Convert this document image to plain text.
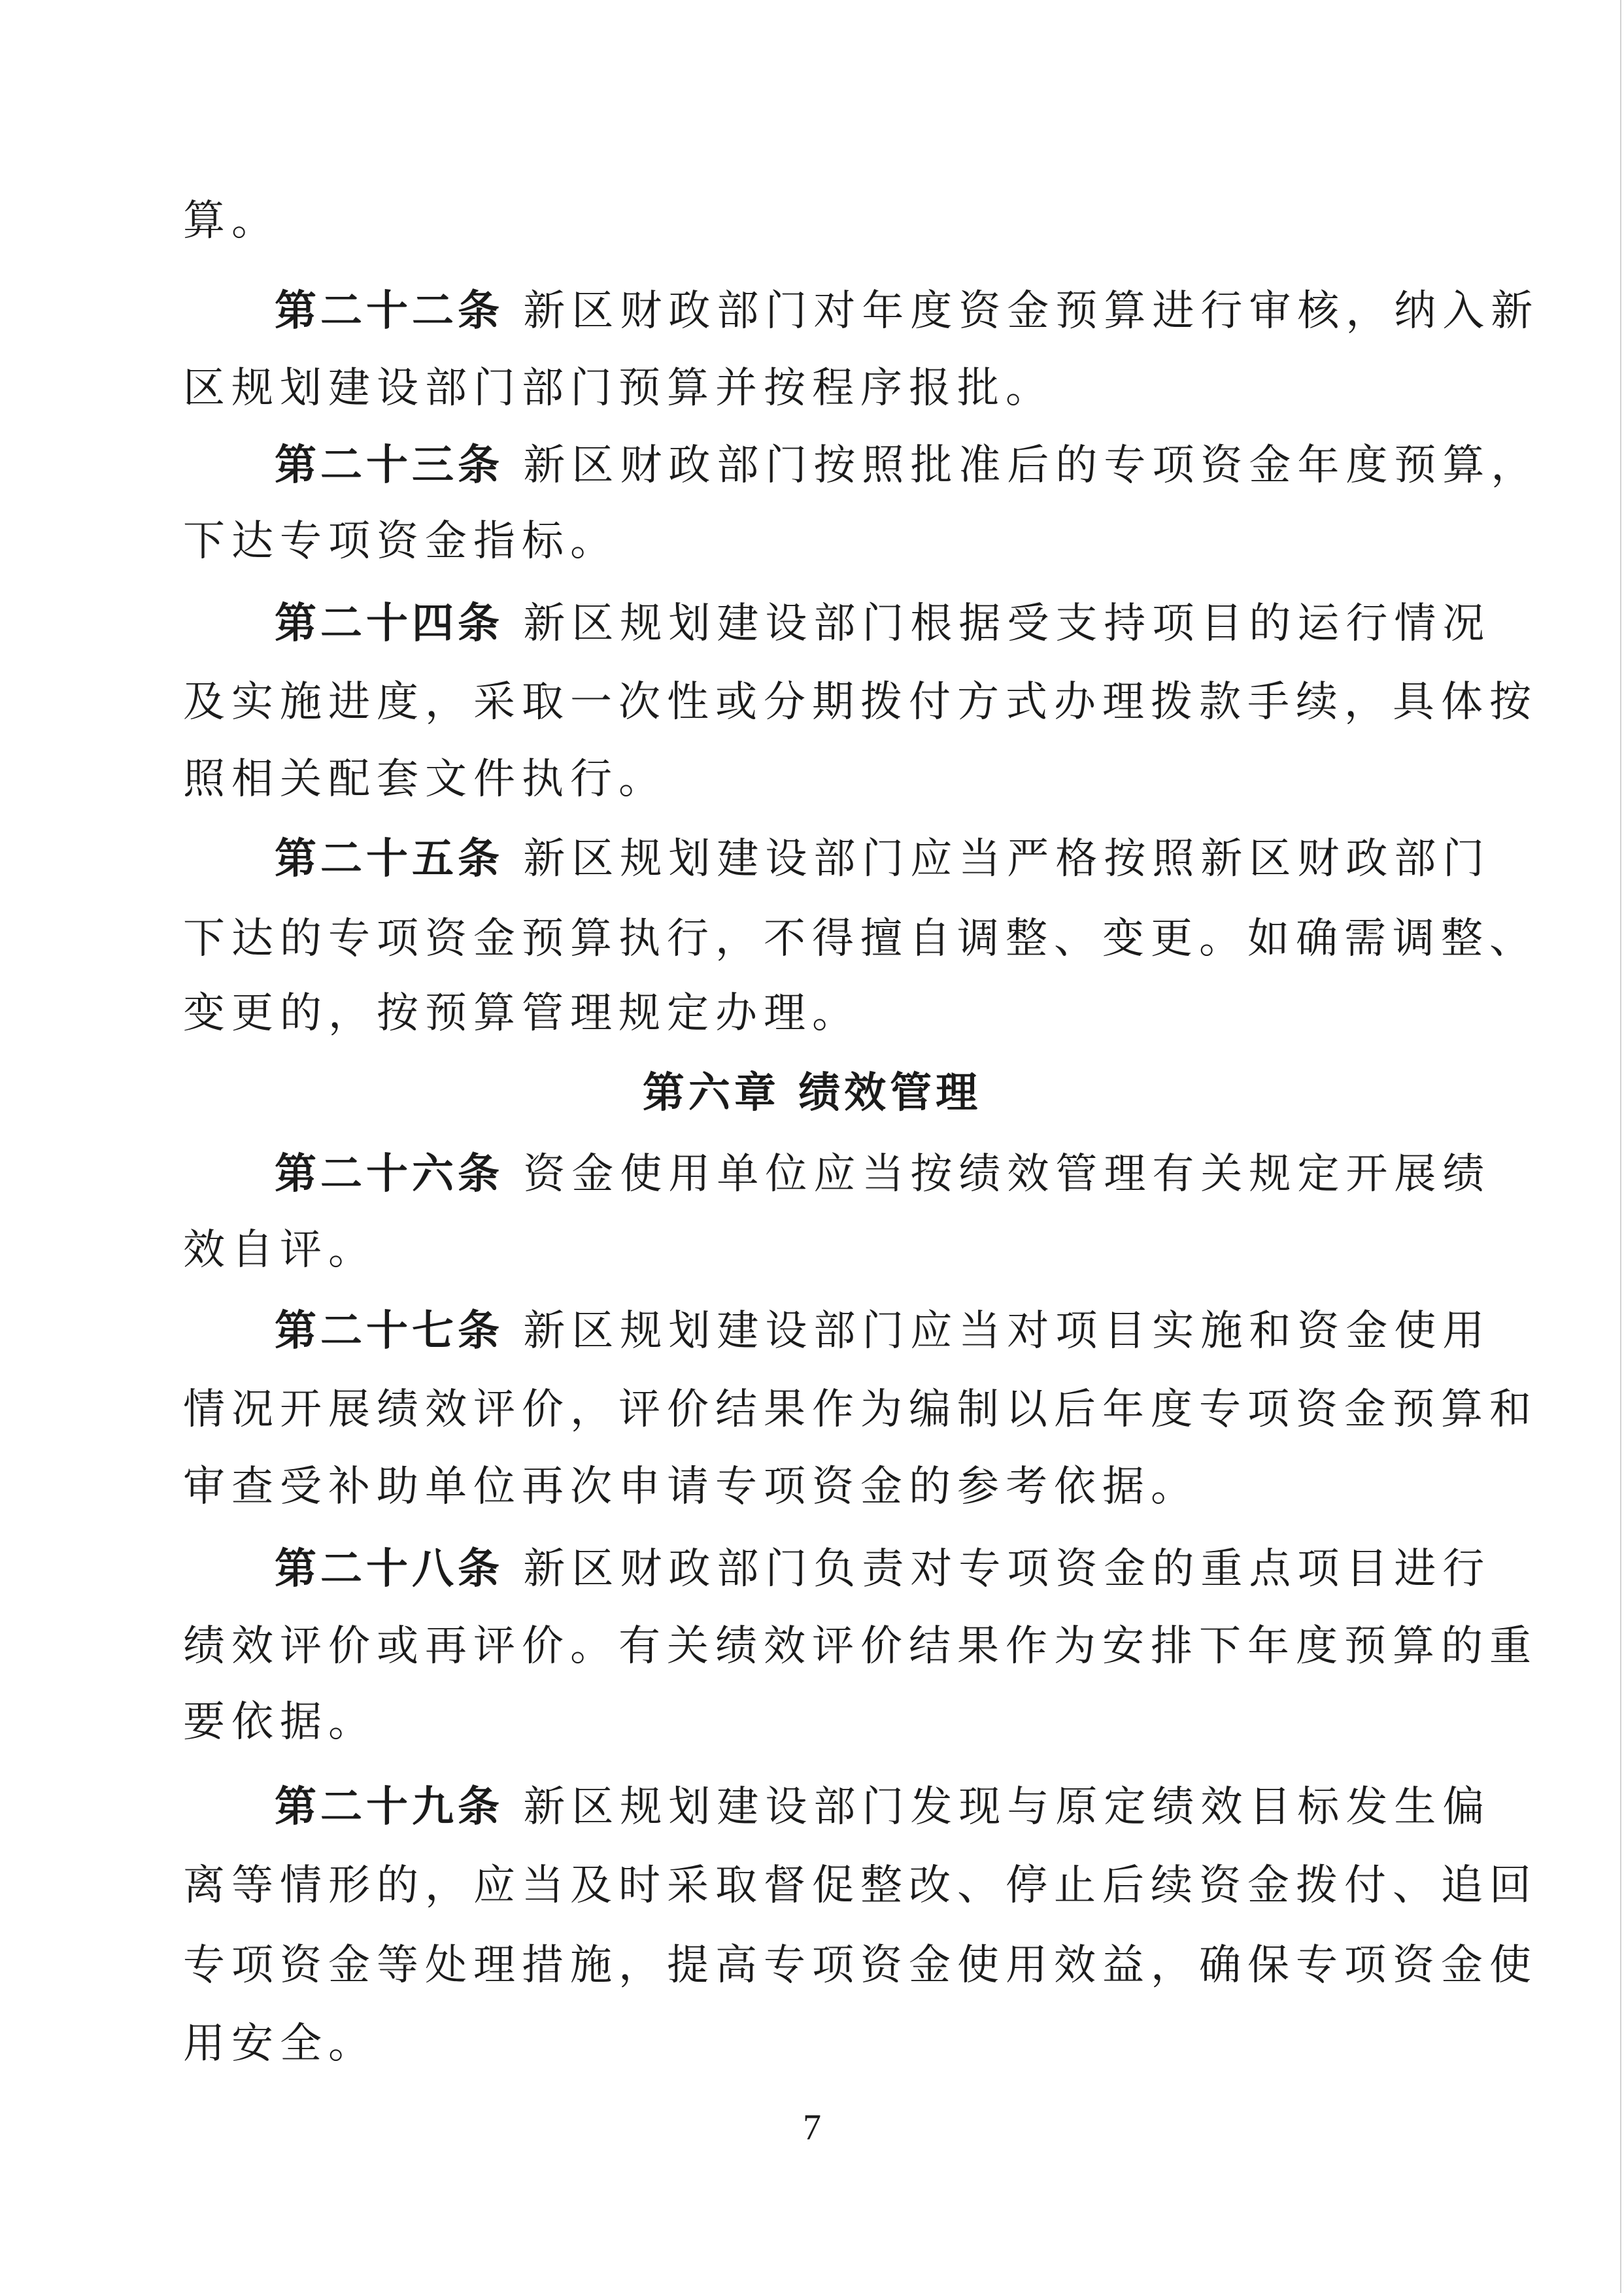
算。

第二十二条 新区财政部门对年度资金预算进行审核，纳入新

区规划建设部门部门预算并按程序报批。

第二十三条 新区财政部门按照批准后的专项资金年度预算，

下达专项资金指标。

第二十四条 新区规划建设部门根据受支持项目的运行情况

及实施进度，采取一次性或分期拨付方式办理拨款手续，具体按

照相关配套文件执行。

第二十五条 新区规划建设部门应当严格按照新区财政部门

下达的专项资金预算执行，不得擅自调整、变更。如确需调整、

变更的，按预算管理规定办理。

第六章 绩效管理

第二十六条 资金使用单位应当按绩效管理有关规定开展绩

效自评。

第二十七条 新区规划建设部门应当对项目实施和资金使用

情况开展绩效评价，评价结果作为编制以后年度专项资金预算和

审查受补助单位再次申请专项资金的参考依据。

第二十八条 新区财政部门负责对专项资金的重点项目进行

绩效评价或再评价。有关绩效评价结果作为安排下年度预算的重

要依据。

第二十九条 新区规划建设部门发现与原定绩效目标发生偏

离等情形的，应当及时采取督促整改、停止后续资金拨付、追回

专项资金等处理措施，提高专项资金使用效益，确保专项资金使

用安全。

7
